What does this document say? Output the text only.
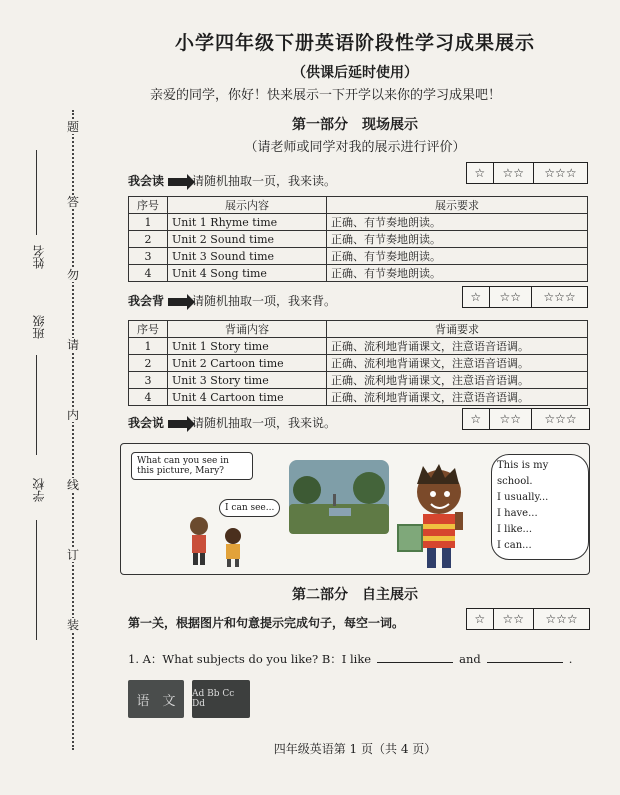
题
答
勿
请
内
线
订
装
姓名
班级
学校
小学四年级下册英语阶段性学习成果展示
（供课后延时使用）
亲爱的同学，你好！快来展示一下开学以来你的学习成果吧！
第一部分　现场展示
（请老师或同学对我的展示进行评价）
我会读 请随机抽取一页，我来读。
☆	☆☆	☆☆☆
序号	展示内容	展示要求
1	Unit 1 Rhyme time	正确、有节奏地朗读。
2	Unit 2 Sound time	正确、有节奏地朗读。
3	Unit 3 Sound time	正确、有节奏地朗读。
4	Unit 4 Song time	正确、有节奏地朗读。
我会背 请随机抽取一项，我来背。	☆	☆☆	☆☆☆
序号	背诵内容	背诵要求
1	Unit 1 Story time	正确、流利地背诵课文，注意语音语调。
2	Unit 2 Cartoon time	正确、流利地背诵课文，注意语音语调。
3	Unit 3 Story time	正确、流利地背诵课文，注意语音语调。
4	Unit 4 Cartoon time	正确、流利地背诵课文，注意语音语调。
我会说 请随机抽取一项，我来说。	☆	☆☆	☆☆☆
What can you see in this picture, Mary?
I can see...
This is my school.
I usually...
I have...
I like...
I can...
第二部分　自主展示
第一关，根据图片和句意提示完成句子，每空一词。	☆	☆☆	☆☆☆
1. A：What subjects do you like? B：I like	and	.
语　文	Ad Bb Cc Dd
四年级英语第 1 页（共 4 页）
